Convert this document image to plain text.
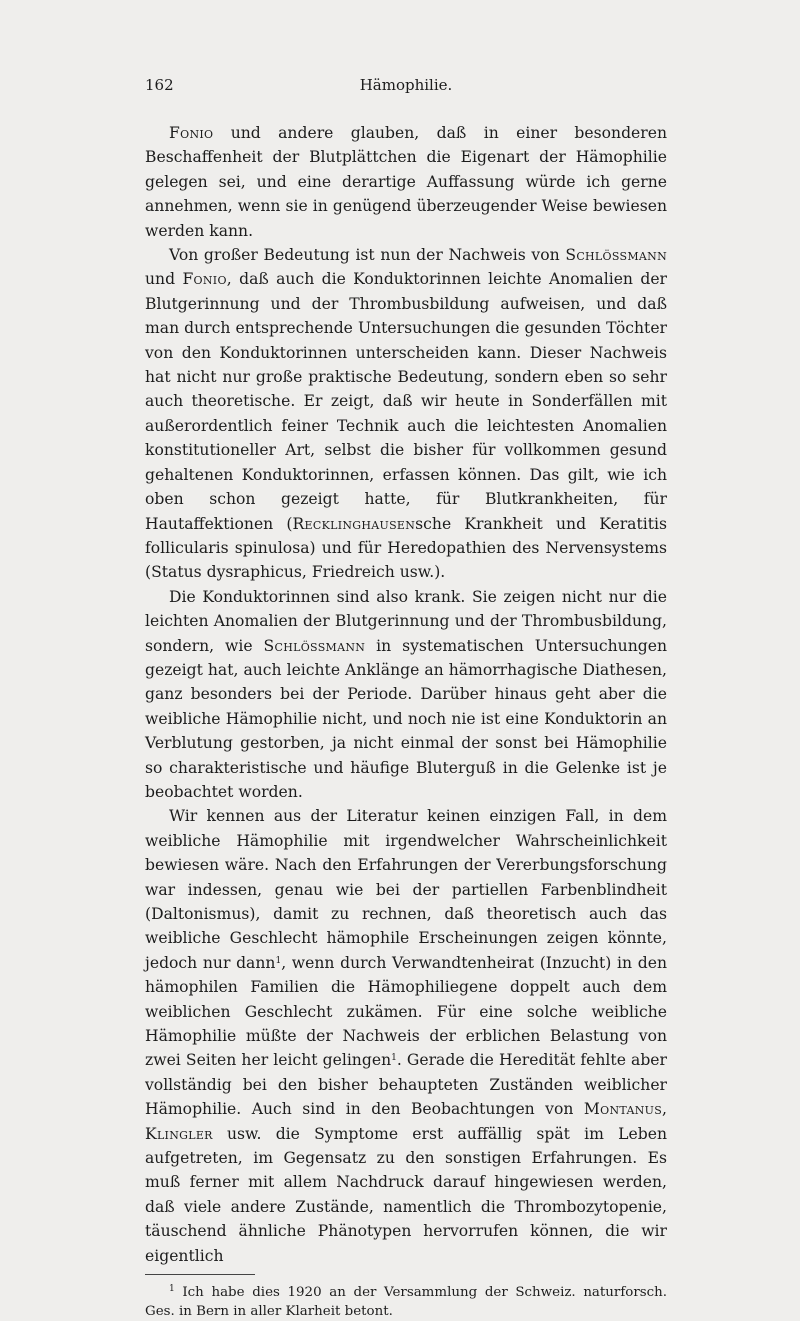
162	Hämophilie.

Fonio und andere glauben, daß in einer besonderen Beschaffenheit der Blutplättchen die Eigenart der Hämophilie gelegen sei, und eine derartige Auffassung würde ich gerne annehmen, wenn sie in genügend überzeugender Weise bewiesen werden kann.

Von großer Bedeutung ist nun der Nachweis von Schlössmann und Fonio, daß auch die Konduktorinnen leichte Anomalien der Blutgerinnung und der Thrombusbildung aufweisen, und daß man durch entsprechende Untersuchungen die gesunden Töchter von den Konduktorinnen unterscheiden kann. Dieser Nachweis hat nicht nur große praktische Bedeutung, sondern eben so sehr auch theoretische. Er zeigt, daß wir heute in Sonderfällen mit außerordentlich feiner Technik auch die leichtesten Anomalien konstitutioneller Art, selbst die bisher für vollkommen gesund gehaltenen Konduktorinnen, erfassen können. Das gilt, wie ich oben schon gezeigt hatte, für Blutkrankheiten, für Hautaffektionen (Recklinghausensche Krankheit und Keratitis follicularis spinulosa) und für Heredopathien des Nervensystems (Status dysraphicus, Friedreich usw.).

Die Konduktorinnen sind also krank. Sie zeigen nicht nur die leichten Anomalien der Blutgerinnung und der Thrombusbildung, sondern, wie Schlössmann in systematischen Untersuchungen gezeigt hat, auch leichte Anklänge an hämorrhagische Diathesen, ganz besonders bei der Periode. Darüber hinaus geht aber die weibliche Hämophilie nicht, und noch nie ist eine Konduktorin an Verblutung gestorben, ja nicht einmal der sonst bei Hämophilie so charakteristische und häufige Bluterguß in die Gelenke ist je beobachtet worden.

Wir kennen aus der Literatur keinen einzigen Fall, in dem weibliche Hämophilie mit irgendwelcher Wahrscheinlichkeit bewiesen wäre. Nach den Erfahrungen der Vererbungsforschung war indessen, genau wie bei der partiellen Farbenblindheit (Daltonismus), damit zu rechnen, daß theoretisch auch das weibliche Geschlecht hämophile Erscheinungen zeigen könnte, jedoch nur dann$^1$, wenn durch Verwandtenheirat (Inzucht) in den hämophilen Familien die Hämophiliegene doppelt auch dem weiblichen Geschlecht zukämen. Für eine solche weibliche Hämophilie müßte der Nachweis der erblichen Belastung von zwei Seiten her leicht gelingen$^1$. Gerade die Heredität fehlte aber vollständig bei den bisher behaupteten Zuständen weiblicher Hämophilie. Auch sind in den Beobachtungen von Montanus, Klingler usw. die Symptome erst auffällig spät im Leben aufgetreten, im Gegensatz zu den sonstigen Erfahrungen. Es muß ferner mit allem Nachdruck darauf hingewiesen werden, daß viele andere Zustände, namentlich die Thrombozytopenie, täuschend ähnliche Phänotypen hervorrufen können, die wir eigentlich

$^1$ Ich habe dies 1920 an der Versammlung der Schweiz. naturforsch. Ges. in Bern in aller Klarheit betont.
